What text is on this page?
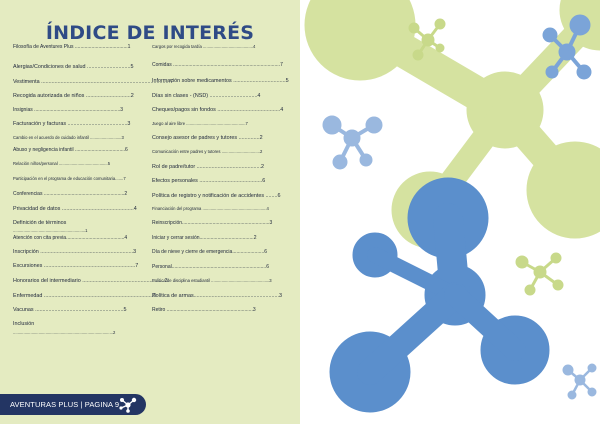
ÍNDICE DE INTERÉS
Filosofía de Aventures Plus ......................................1
Alergias/Condiciones de salud .............................5
Vestimenta ......................................................................................7
Recogida autorizada de niños ..............................2
Insignias ..............................................................3
Facturación y facturas ........................................3
Cambio en el acuerdo de cuidado infantil ...........................3
Abuso y negligencia infantil ....................................6
Relación niños/personal ..........................................5
Participación en el programa de educación comunitaria.......7
Conferencias ..........................................................2
Privacidad de datos ................................................4
Definición de términos
..............................................................1
Atención con cita previa..........................................4
Inscripción ..............................................................3
Excursiones .............................................................7
Honorarios del intermediario .......................................................3
Enfermedad .........................................................................5
Vacunas ...........................................................5
Inclusión
......................................................................................2
Cargos por recogida tardía ...........................................4
Comidas .............................................................................7
Información sobre medicamentos ...................................5
Días sin clases - (NSD) ................................4
Cheques/pagos sin fondos ..........................................4
Juego al aire libre ...................................................7
Consejo asesor de padres y tutores ..............2
Comunicación entre padres y tutores .................................2
Rol de padre/tutor ...........................................2
Efectos personales ..........................................6
Política de registro y notificación de accidentes ........6
Financiación del programa .......................................................4
Reinscripción...............................................................3
Iniciar y cerrar sesión.......................................2
Día de nieve y cierre de emergencia.......................6
Personal....................................................................6
Política de disciplina estudiantil ..................................................3
Política de armas.........................................................3
Retiro ..............................................................3
AVENTURAS PLUS | PAGINA 9
